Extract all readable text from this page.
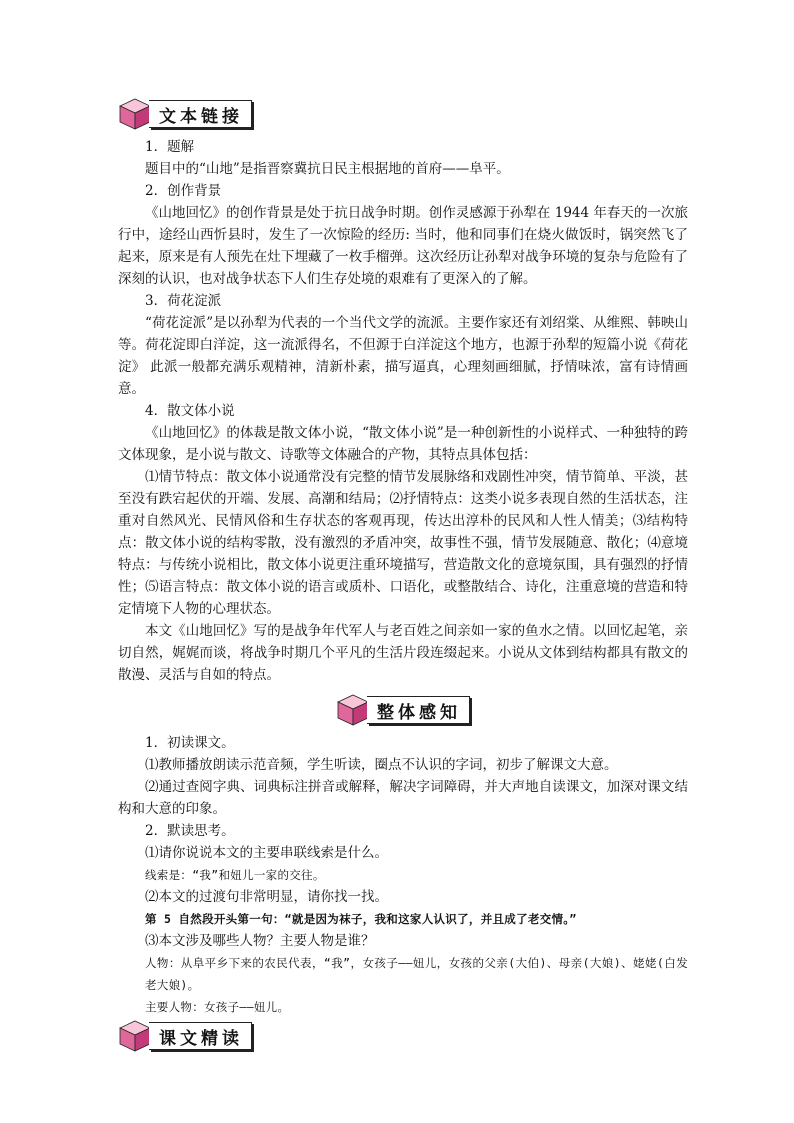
文本链接

1．题解

题目中的“山地”是指晋察冀抗日民主根据地的首府——阜平。

2．创作背景

《山地回忆》的创作背景是处于抗日战争时期。创作灵感源于孙犁在 1944 年春天的一次旅行中，途经山西忻县时，发生了一次惊险的经历: 当时，他和同事们在烧火做饭时，锅突然飞了起来，原来是有人预先在灶下埋藏了一枚手榴弹。这次经历让孙犁对战争环境的复杂与危险有了深刻的认识，也对战争状态下人们生存处境的艰难有了更深入的了解。

3．荷花淀派

“荷花淀派”是以孙犁为代表的一个当代文学的流派。主要作家还有刘绍棠、从维熙、韩映山等。荷花淀即白洋淀，这一流派得名，不但源于白洋淀这个地方，也源于孙犁的短篇小说《荷花淀》 此派一般都充满乐观精神，清新朴素，描写逼真，心理刻画细腻，抒情味浓，富有诗情画意。

4．散文体小说

《山地回忆》的体裁是散文体小说，“散文体小说”是一种创新性的小说样式、一种独特的跨文体现象，是小说与散文、诗歌等文体融合的产物，其特点具体包括：

⑴情节特点：散文体小说通常没有完整的情节发展脉络和戏剧性冲突，情节简单、平淡，甚至没有跌宕起伏的开端、发展、高潮和结局；⑵抒情特点：这类小说多表现自然的生活状态，注重对自然风光、民情风俗和生存状态的客观再现，传达出淳朴的民风和人性人情美；⑶结构特点：散文体小说的结构零散，没有激烈的矛盾冲突，故事性不强，情节发展随意、散化；⑷意境特点：与传统小说相比，散文体小说更注重环境描写，营造散文化的意境氛围，具有强烈的抒情性；⑸语言特点：散文体小说的语言或质朴、口语化，或整散结合、诗化，注重意境的营造和特定情境下人物的心理状态。

本文《山地回忆》写的是战争年代军人与老百姓之间亲如一家的鱼水之情。以回忆起笔，亲切自然，娓娓而谈，将战争时期几个平凡的生活片段连缀起来。小说从文体到结构都具有散文的散漫、灵活与自如的特点。

整体感知

1．初读课文。

⑴教师播放朗读示范音频，学生听读，圈点不认识的字词，初步了解课文大意。

⑵通过查阅字典、词典标注拼音或解释，解决字词障碍，并大声地自读课文，加深对课文结构和大意的印象。

2．默读思考。

⑴请你说说本文的主要串联线索是什么。

线索是：“我”和妞儿一家的交往。

⑵本文的过渡句非常明显，请你找一找。

第 5 自然段开头第一句：“就是因为袜子，我和这家人认识了，并且成了老交情。”

⑶本文涉及哪些人物？主要人物是谁？

人物：从阜平乡下来的农民代表，“我”，女孩子——妞儿，女孩的父亲(大伯)、母亲(大娘)、姥姥(白发老大娘)。

主要人物：女孩子——妞儿。

课文精读
